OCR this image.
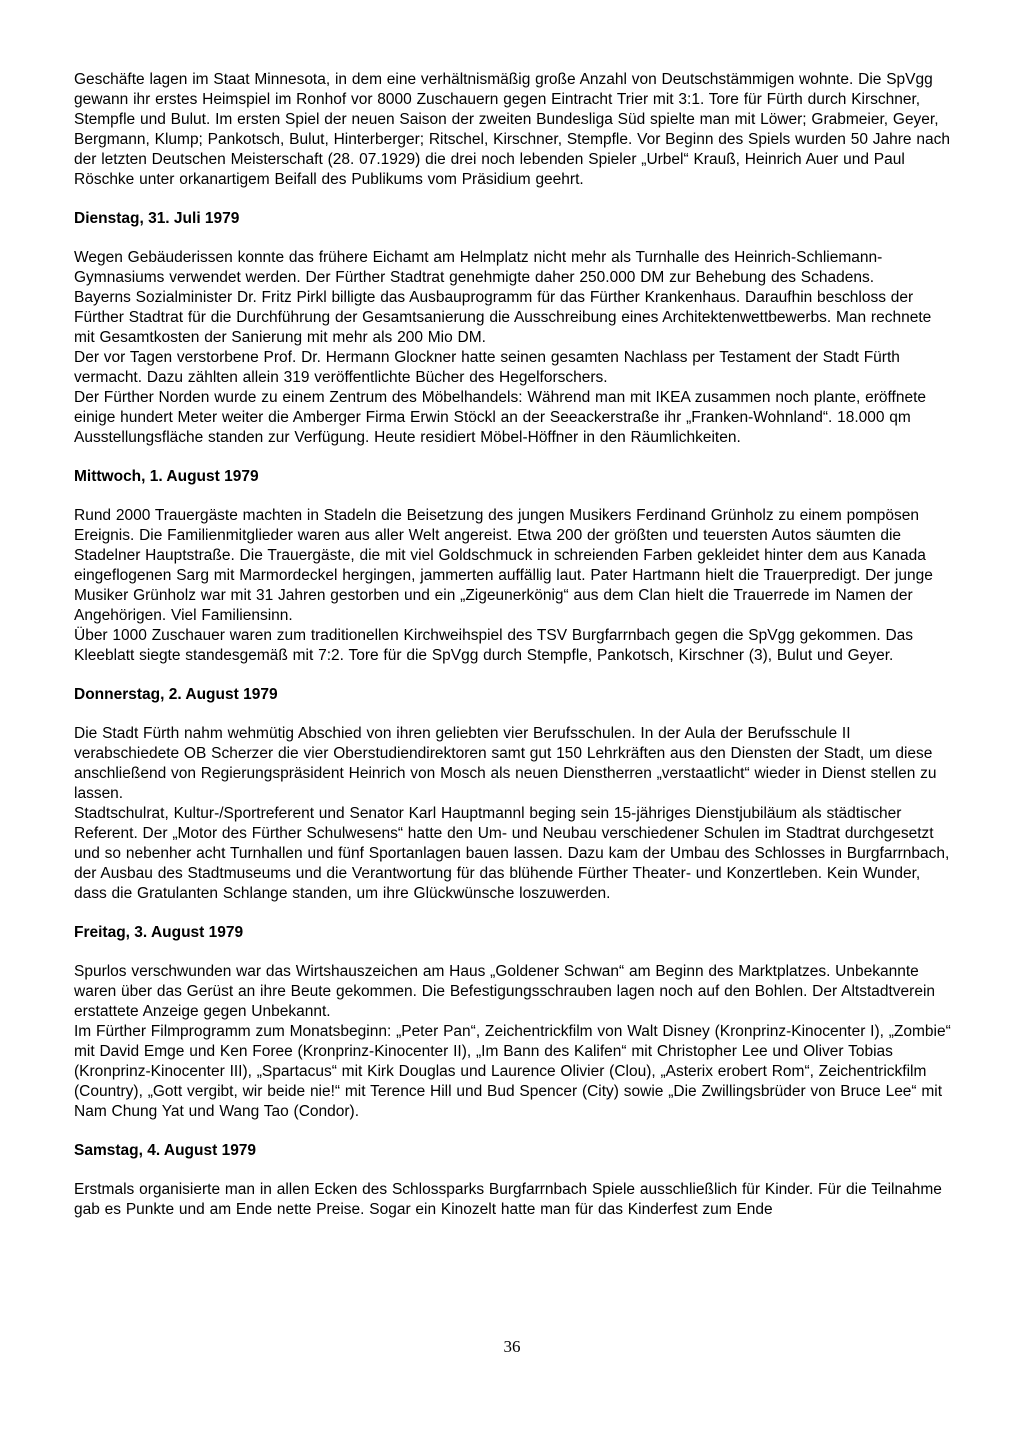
Geschäfte lagen im Staat Minnesota, in dem eine verhältnismäßig große Anzahl von Deutschstämmigen wohnte. Die SpVgg gewann ihr erstes Heimspiel im Ronhof vor 8000 Zuschauern gegen Eintracht Trier mit 3:1. Tore für Fürth durch Kirschner, Stempfle und Bulut. Im ersten Spiel der neuen Saison der zweiten Bundesliga Süd spielte man mit Löwer; Grabmeier, Geyer, Bergmann, Klump; Pankotsch, Bulut, Hinterberger; Ritschel, Kirschner, Stempfle. Vor Beginn des Spiels wurden 50 Jahre nach der letzten Deutschen Meisterschaft (28. 07.1929) die drei noch lebenden Spieler „Urbel“ Krauß, Heinrich Auer und Paul Röschke unter orkanartigem Beifall des Publikums vom Präsidium geehrt.

Dienstag, 31. Juli 1979

Wegen Gebäuderissen konnte das frühere Eichamt am Helmplatz nicht mehr als Turnhalle des Heinrich-Schliemann-Gymnasiums verwendet werden. Der Fürther Stadtrat genehmigte daher 250.000 DM zur Behebung des Schadens.

Bayerns Sozialminister Dr. Fritz Pirkl billigte das Ausbauprogramm für das Fürther Krankenhaus. Daraufhin beschloss der Fürther Stadtrat für die Durchführung der Gesamtsanierung die Ausschreibung eines Architektenwettbewerbs. Man rechnete mit Gesamtkosten der Sanierung mit mehr als 200 Mio DM.

Der vor Tagen verstorbene Prof. Dr. Hermann Glockner hatte seinen gesamten Nachlass per Testament der Stadt Fürth vermacht. Dazu zählten allein 319 veröffentlichte Bücher des Hegelforschers.

Der Fürther Norden wurde zu einem Zentrum des Möbelhandels: Während man mit IKEA zusammen noch plante, eröffnete einige hundert Meter weiter die Amberger Firma Erwin Stöckl an der Seeackerstraße ihr „Franken-Wohnland“. 18.000 qm Ausstellungsfläche standen zur Verfügung. Heute residiert Möbel-Höffner in den Räumlichkeiten.

Mittwoch, 1. August 1979

Rund 2000 Trauergäste machten in Stadeln die Beisetzung des jungen Musikers Ferdinand Grünholz zu einem pompösen Ereignis. Die Familienmitglieder waren aus aller Welt angereist. Etwa 200 der größten und teuersten Autos säumten die Stadelner Hauptstraße. Die Trauergäste, die mit viel Goldschmuck in schreienden Farben gekleidet hinter dem aus Kanada eingeflogenen Sarg mit Marmordeckel hergingen, jammerten auffällig laut. Pater Hartmann hielt die Trauerpredigt. Der junge Musiker Grünholz war mit 31 Jahren gestorben und ein „Zigeunerkönig“ aus dem Clan hielt die Trauerrede im Namen der Angehörigen. Viel Familiensinn.

Über 1000 Zuschauer waren zum traditionellen Kirchweihspiel des TSV Burgfarrnbach gegen die SpVgg gekommen. Das Kleeblatt siegte standesgemäß mit 7:2. Tore für die SpVgg durch Stempfle, Pankotsch, Kirschner (3), Bulut und Geyer.

Donnerstag, 2. August 1979

Die Stadt Fürth nahm wehmütig Abschied von ihren geliebten vier Berufsschulen. In der Aula der Berufsschule II verabschiedete OB Scherzer die vier Oberstudiendirektoren samt gut 150 Lehrkräften aus den Diensten der Stadt, um diese anschließend von Regierungspräsident Heinrich von Mosch als neuen Dienstherren „verstaatlicht“ wieder in Dienst stellen zu lassen.

Stadtschulrat, Kultur-/Sportreferent und Senator Karl Hauptmannl beging sein 15-jähriges Dienstjubiläum als städtischer Referent. Der „Motor des Fürther Schulwesens“ hatte den Um- und Neubau verschiedener Schulen im Stadtrat durchgesetzt und so nebenher acht Turnhallen und fünf Sportanlagen bauen lassen. Dazu kam der Umbau des Schlosses in Burgfarrnbach, der Ausbau des Stadtmuseums und die Verantwortung für das blühende Fürther Theater- und Konzertleben. Kein Wunder, dass die Gratulanten Schlange standen, um ihre Glückwünsche loszuwerden.

Freitag, 3. August 1979

Spurlos verschwunden war das Wirtshauszeichen am Haus „Goldener Schwan“ am Beginn des Marktplatzes. Unbekannte waren über das Gerüst an ihre Beute gekommen. Die Befestigungsschrauben lagen noch auf den Bohlen. Der Altstadtverein erstattete Anzeige gegen Unbekannt.

Im Fürther Filmprogramm zum Monatsbeginn: „Peter Pan“, Zeichentrickfilm von Walt Disney (Kronprinz-Kinocenter I), „Zombie“ mit David Emge und Ken Foree (Kronprinz-Kinocenter II), „Im Bann des Kalifen“ mit Christopher Lee und Oliver Tobias (Kronprinz-Kinocenter III), „Spartacus“ mit Kirk Douglas und Laurence Olivier (Clou), „Asterix erobert Rom“, Zeichentrickfilm (Country), „Gott vergibt, wir beide nie!“ mit Terence Hill und Bud Spencer (City) sowie „Die Zwillingsbrüder von Bruce Lee“ mit Nam Chung Yat und Wang Tao (Condor).

Samstag, 4. August 1979

Erstmals organisierte man in allen Ecken des Schlossparks Burgfarrnbach Spiele ausschließlich für Kinder. Für die Teilnahme gab es Punkte und am Ende nette Preise. Sogar ein Kinozelt hatte man für das Kinderfest zum Ende

36
